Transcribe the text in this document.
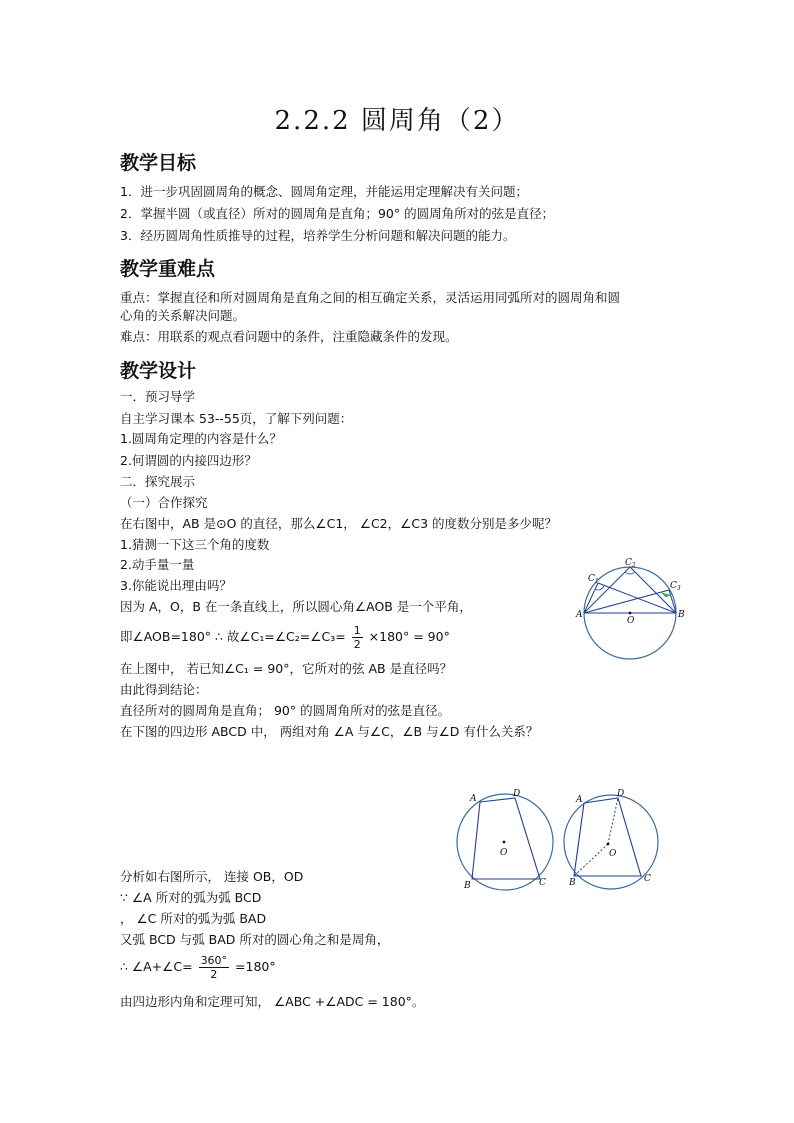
2.2.2 圆周角（2）
教学目标
1．进一步巩固圆周角的概念、圆周角定理，并能运用定理解决有关问题；
2．掌握半圆（或直径）所对的圆周角是直角；90° 的圆周角所对的弦是直径；
3．经历圆周角性质推导的过程，培养学生分析问题和解决问题的能力。
教学重难点
重点：掌握直径和所对圆周角是直角之间的相互确定关系，灵活运用同弧所对的圆周角和圆
心角的关系解决问题。
难点：用联系的观点看问题中的条件，注重隐藏条件的发现。
教学设计
一．预习导学
自主学习课本 53--55页，了解下列问题：
1.圆周角定理的内容是什么？
2.何谓圆的内接四边形？
二．探究展示
（一）合作探究
在右图中，AB 是⊙O 的直径，那么∠C1， ∠C2，∠C3 的度数分别是多少呢？
1.猜测一下这三个角的度数
2.动手量一量
3.你能说出理由吗？
因为 A，O，B 在一条直线上，所以圆心角∠AOB 是一个平角，
即∠AOB=180° ∴ 故∠C₁=∠C₂=∠C₃= $\frac{1}{2} \times 180^\circ = 90^\circ$
在上图中， 若已知∠C₁ = 90°，它所对的弦 AB 是直径吗？
由此得到结论：
直径所对的圆周角是直角； 90° 的圆周角所对的弦是直径。
在下图的四边形 ABCD 中， 两组对角 ∠A 与∠C，∠B 与∠D 有什么关系？
分析如右图所示， 连接 OB，OD
∵ ∠A 所对的弧为弧 BCD
， ∠C 所对的弧为弧 BAD
又弧 BCD 与弧 BAD 所对的圆心角之和是周角，
∴ ∠A+∠C= $\frac{360^\circ}{2} =180^\circ$
由四边形内角和定理可知， ∠ABC +∠ADC = 180°。
A	B
O
$C_1$
$C_2$
$C_3$
A	D
B	C
O
A
D
B	C
O
